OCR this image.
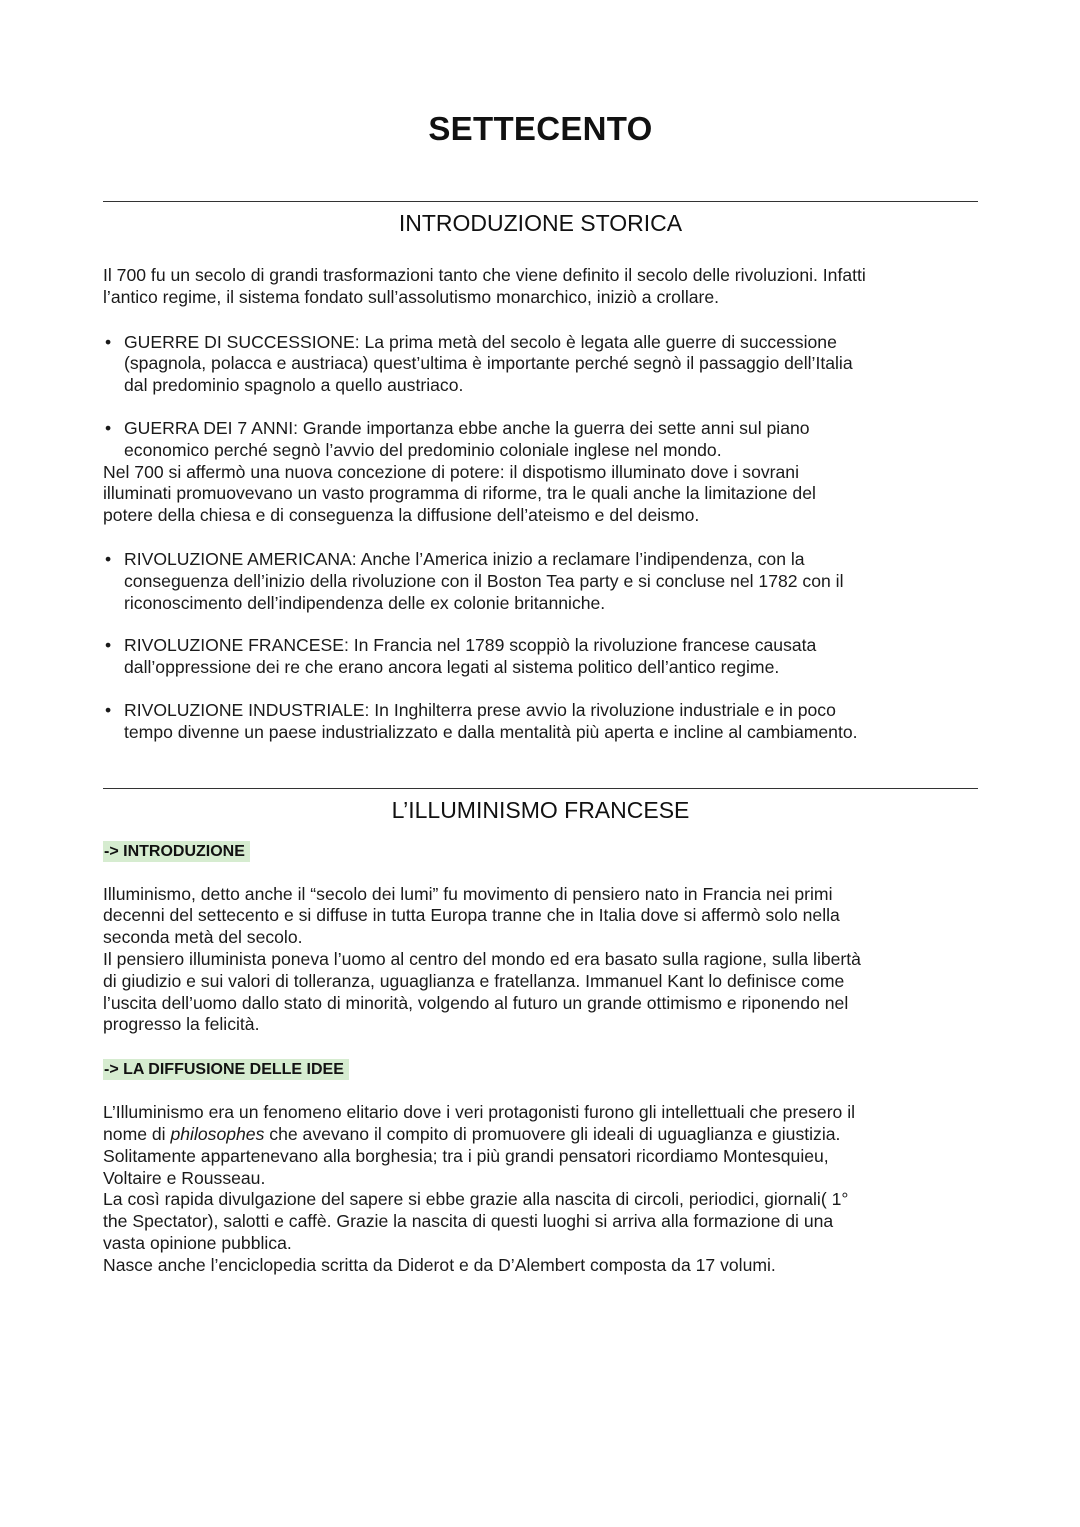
SETTECENTO
INTRODUZIONE STORICA

Il 700 fu un secolo di grandi trasformazioni tanto che viene definito il secolo delle rivoluzioni. Infatti
l’antico regime, il sistema fondato sull’assolutismo monarchico, iniziò a crollare.

• GUERRE DI SUCCESSIONE: La prima metà del secolo è legata alle guerre di successione
(spagnola, polacca e austriaca) quest’ultima è importante perché segnò il passaggio dell’Italia
dal predominio spagnolo a quello austriaco.
• GUERRA DEI 7 ANNI: Grande importanza ebbe anche la guerra dei sette anni sul piano
economico perché segnò l’avvio del predominio coloniale inglese nel mondo.

Nel 700 si affermò una nuova concezione di potere: il dispotismo illuminato dove i sovrani
illuminati promuovevano un vasto programma di riforme, tra le quali anche la limitazione del
potere della chiesa e di conseguenza la diffusione dell’ateismo e del deismo.

• RIVOLUZIONE AMERICANA: Anche l’America inizio a reclamare l’indipendenza, con la
conseguenza dell’inizio della rivoluzione con il Boston Tea party e si concluse nel 1782 con il
riconoscimento dell’indipendenza delle ex colonie britanniche.
• RIVOLUZIONE FRANCESE: In Francia nel 1789 scoppiò la rivoluzione francese causata
dall’oppressione dei re che erano ancora legati al sistema politico dell’antico regime.
• RIVOLUZIONE INDUSTRIALE: In Inghilterra prese avvio la rivoluzione industriale e in poco
tempo divenne un paese industrializzato e dalla mentalità più aperta e incline al cambiamento.
L’ILLUMINISMO FRANCESE
-> INTRODUZIONE

Illuminismo, detto anche il “secolo dei lumi” fu movimento di pensiero nato in Francia nei primi
decenni del settecento e si diffuse in tutta Europa tranne che in Italia dove si affermò solo nella
seconda metà del secolo.
Il pensiero illuminista poneva l’uomo al centro del mondo ed era basato sulla ragione, sulla libertà
di giudizio e sui valori di tolleranza, uguaglianza e fratellanza. Immanuel Kant lo definisce come
l’uscita dell’uomo dallo stato di minorità, volgendo al futuro un grande ottimismo e riponendo nel
progresso la felicità.

-> LA DIFFUSIONE DELLE IDEE

L’Illuminismo era un fenomeno elitario dove i veri protagonisti furono gli intellettuali che presero il
nome di philosophes che avevano il compito di promuovere gli ideali di uguaglianza e giustizia.
Solitamente appartenevano alla borghesia; tra i più grandi pensatori ricordiamo Montesquieu,
Voltaire e Rousseau.
La così rapida divulgazione del sapere si ebbe grazie alla nascita di circoli, periodici, giornali( 1°
the Spectator), salotti e caffè. Grazie la nascita di questi luoghi si arriva alla formazione di una
vasta opinione pubblica.
Nasce anche l’enciclopedia scritta da Diderot e da D’Alembert composta da 17 volumi.
